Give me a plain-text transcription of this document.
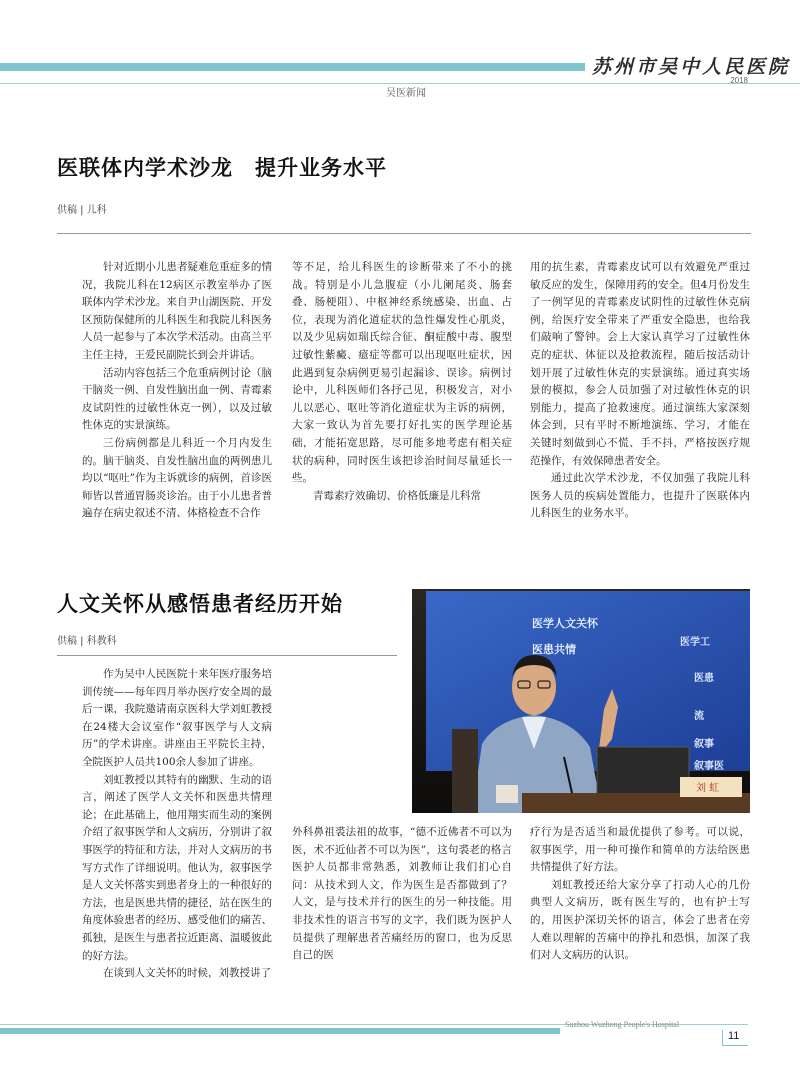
苏州市吴中人民医院
2018
吴医新闻
医联体内学术沙龙　提升业务水平
供稿 | 儿科

针对近期小儿患者疑难危重症多的情况，我院儿科在12病区示教室举办了医联体内学术沙龙。来自尹山湖医院、开发区预防保健所的儿科医生和我院儿科医务人员一起参与了本次学术活动。由高兰平主任主持，王爱民副院长到会并讲话。

活动内容包括三个危重病例讨论（脑干脑炎一例、自发性脑出血一例、青霉素皮试阴性的过敏性休克一例），以及过敏性休克的实景演练。

三份病例都是儿科近一个月内发生的。脑干脑炎、自发性脑出血的两例患儿均以“呕吐”作为主诉就诊的病例，首诊医师皆以普通胃肠炎诊治。由于小儿患者普遍存在病史叙述不清、体格检查不合作

等不足，给儿科医生的诊断带来了不小的挑战。特别是小儿急腹症（小儿阑尾炎、肠套叠、肠梗阻）、中枢神经系统感染、出血、占位，表现为消化道症状的急性爆发性心肌炎，以及少见病如瑞氏综合征、酮症酸中毒、腹型过敏性紫癜、癔症等都可以出现呕吐症状，因此遇到复杂病例更易引起漏诊、误诊。病例讨论中，儿科医师们各抒己见，积极发言，对小儿以恶心、呕吐等消化道症状为主诉的病例，大家一致认为首先要打好扎实的医学理论基础，才能拓宽思路，尽可能多地考虑有相关症状的病种，同时医生该把诊治时间尽量延长一些。

青霉素疗效确切、价格低廉是儿科常

用的抗生素，青霉素皮试可以有效避免严重过敏反应的发生，保障用药的安全。但4月份发生了一例罕见的青霉素皮试阴性的过敏性休克病例，给医疗安全带来了严重安全隐患，也给我们敲响了警钟。会上大家认真学习了过敏性休克的症状、体征以及抢救流程，随后按活动计划开展了过敏性休克的实景演练。通过真实场景的模拟，参会人员加强了对过敏性休克的识别能力，提高了抢救速度。通过演练大家深刻体会到，只有平时不断地演练、学习，才能在关键时刻做到心不慌、手不抖，严格按医疗规范操作，有效保障患者安全。

通过此次学术沙龙，不仅加强了我院儿科医务人员的疾病处置能力，也提升了医联体内儿科医生的业务水平。

人文关怀从感悟患者经历开始
供稿 | 科教科
医学人文关怀
医患共情
医学工
医患
流
叙事
叙事医
刘 虹

作为吴中人民医院十来年医疗服务培训传统——每年四月举办医疗安全周的最后一课，我院邀请南京医科大学刘虹教授在24楼大会议室作“叙事医学与人文病历”的学术讲座。讲座由王平院长主持，全院医护人员共100余人参加了讲座。

刘虹教授以其特有的幽默、生动的语言，阐述了医学人文关怀和医患共情理论；在此基础上，他用翔实而生动的案例介绍了叙事医学和人文病历，分别讲了叙事医学的特征和方法，并对人文病历的书写方式作了详细说明。他认为，叙事医学是人文关怀落实到患者身上的一种很好的方法，也是医患共情的捷径，站在医生的角度体验患者的经历、感受他们的痛苦、孤独，是医生与患者拉近距离、温暖彼此的好方法。

在谈到人文关怀的时候，刘教授讲了

外科鼻祖裘法祖的故事，“德不近佛者不可以为医，术不近仙者不可以为医”，这句裘老的格言医护人员都非常熟悉，刘教师让我们扪心自问：从技术到人文，作为医生是否都做到了？人文，是与技术并行的医生的另一种技能。用非技术性的语言书写的文字，我们既为医护人员提供了理解患者苦痛经历的窗口，也为反思自己的医

疗行为是否适当和最优提供了参考。可以说，叙事医学，用一种可操作和简单的方法给医患共情提供了好方法。

刘虹教授还给大家分享了打动人心的几份典型人文病历，既有医生写的，也有护士写的，用医护深切关怀的语言，体会了患者在旁人难以理解的苦痛中的挣扎和恐惧，加深了我们对人文病历的认识。

Suzhou Wuzhong People's Hospital
11
